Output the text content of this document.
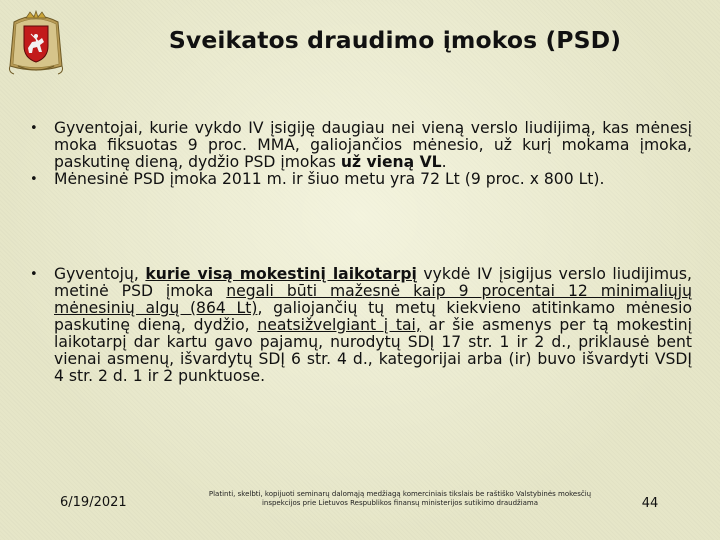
Sveikatos draudimo įmokos (PSD)
• Gyventojai, kurie vykdo IV įsigiję daugiau nei vieną verslo liudijimą, kas mėnesį moka fiksuotas 9 proc. MMA, galiojančios mėnesio, už kurį mokama įmoka, paskutinę dieną, dydžio PSD įmokas už vieną VL.
• Mėnesinė PSD įmoka 2011 m. ir šiuo metu yra 72 Lt (9 proc. x 800 Lt).
• Gyventojų, kurie visą mokestinį laikotarpį vykdė IV įsigijus verslo liudijimus, metinė PSD įmoka negali būti mažesnė kaip 9 procentai 12 minimaliųjų mėnesinių algų (864 Lt), galiojančių tų metų kiekvieno atitinkamo mėnesio paskutinę dieną, dydžio, neatsižvelgiant į tai, ar šie asmenys per tą mokestinį laikotarpį dar kartu gavo pajamų, nurodytų SDĮ 17 str. 1 ir 2 d., priklausė bent vienai asmenų, išvardytų SDĮ 6 str. 4 d., kategorijai arba (ir) buvo išvardyti VSDĮ 4 str. 2 d. 1 ir 2 punktuose.
6/19/2021
Platinti, skelbti, kopijuoti seminarų dalomąją medžiagą komerciniais tikslais be raštiško Valstybinės mokesčių inspekcijos prie Lietuvos Respublikos finansų ministerijos sutikimo draudžiama	44
